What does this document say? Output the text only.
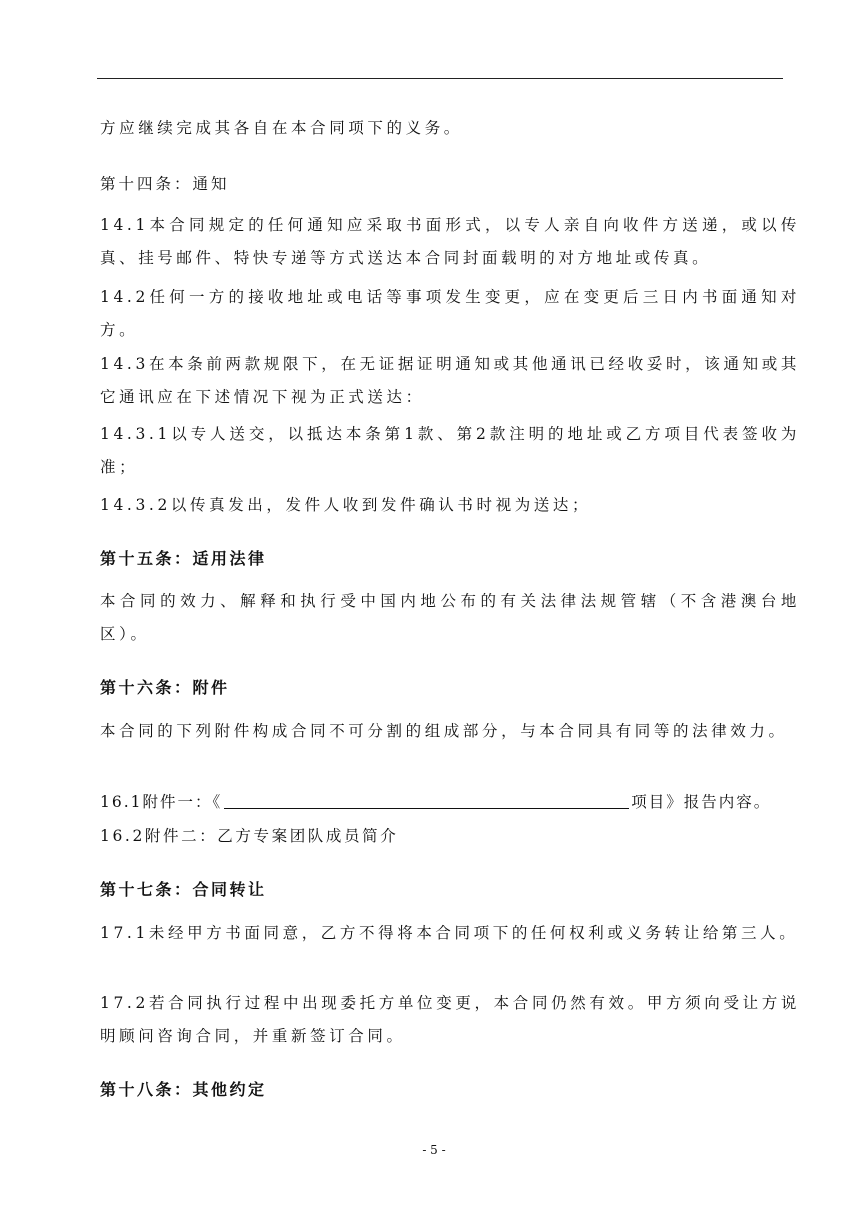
方应继续完成其各自在本合同项下的义务。

第十四条：通知

14.1本合同规定的任何通知应采取书面形式，以专人亲自向收件方送递，或以传真、挂号邮件、特快专递等方式送达本合同封面载明的对方地址或传真。

14.2任何一方的接收地址或电话等事项发生变更，应在变更后三日内书面通知对方。

14.3在本条前两款规限下，在无证据证明通知或其他通讯已经收妥时，该通知或其它通讯应在下述情况下视为正式送达：

14.3.1以专人送交，以抵达本条第1款、第2款注明的地址或乙方项目代表签收为准；

14.3.2以传真发出，发件人收到发件确认书时视为送达；

第十五条：适用法律

本合同的效力、解释和执行受中国内地公布的有关法律法规管辖（不含港澳台地区）。

第十六条：附件

本合同的下列附件构成合同不可分割的组成部分，与本合同具有同等的法律效力。

16.1附件一：《	项目》报告内容。

16.2附件二：乙方专案团队成员简介

第十七条：合同转让

17.1未经甲方书面同意，乙方不得将本合同项下的任何权利或义务转让给第三人。

17.2若合同执行过程中出现委托方单位变更，本合同仍然有效。甲方须向受让方说明顾问咨询合同，并重新签订合同。

第十八条：其他约定

- 5 -
